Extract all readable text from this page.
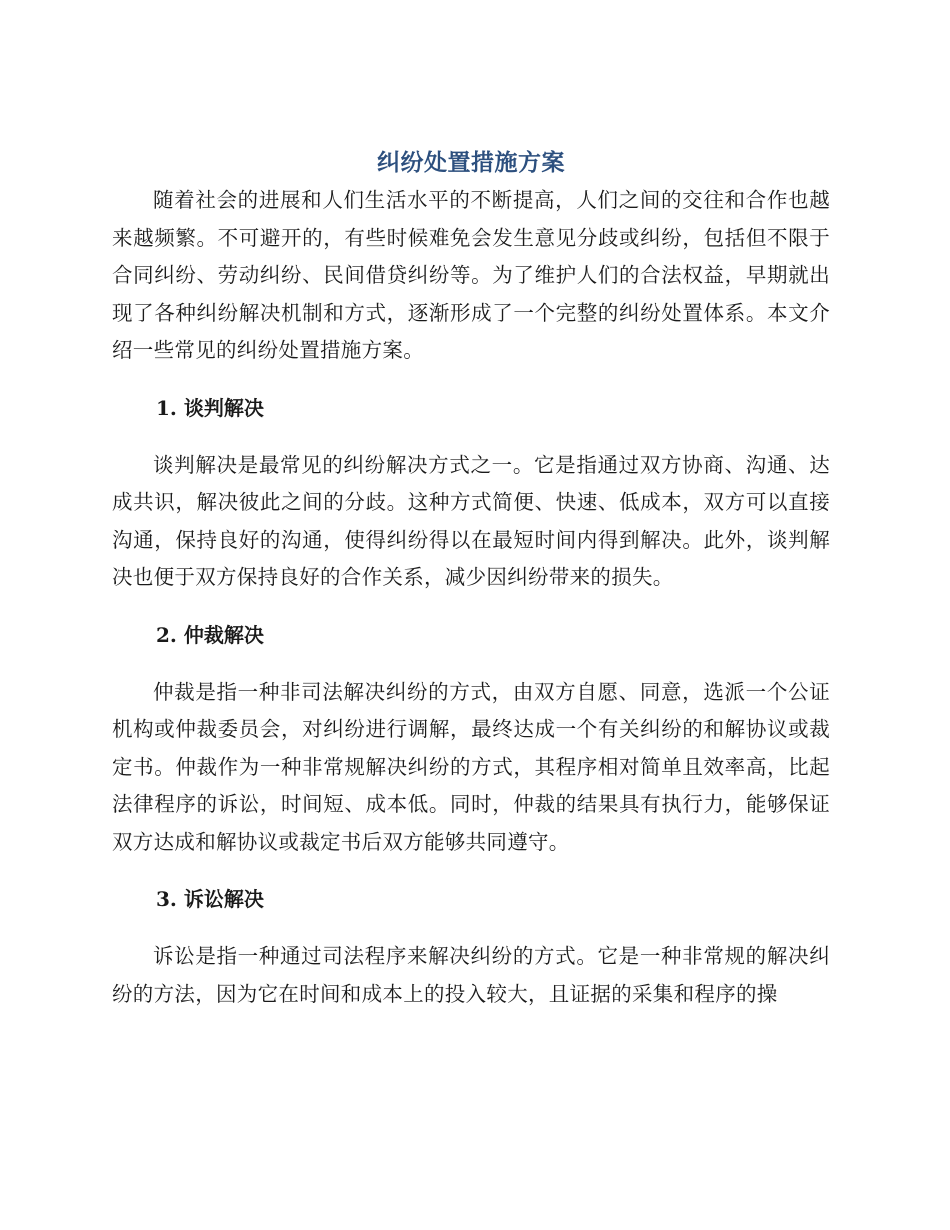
纠纷处置措施方案

随着社会的进展和人们生活水平的不断提高，人们之间的交往和合作也越来越频繁。不可避开的，有些时候难免会发生意见分歧或纠纷，包括但不限于合同纠纷、劳动纠纷、民间借贷纠纷等。为了维护人们的合法权益，早期就出现了各种纠纷解决机制和方式，逐渐形成了一个完整的纠纷处置体系。本文介绍一些常见的纠纷处置措施方案。

1. 谈判解决

谈判解决是最常见的纠纷解决方式之一。它是指通过双方协商、沟通、达成共识，解决彼此之间的分歧。这种方式简便、快速、低成本，双方可以直接沟通，保持良好的沟通，使得纠纷得以在最短时间内得到解决。此外，谈判解决也便于双方保持良好的合作关系，减少因纠纷带来的损失。

2. 仲裁解决

仲裁是指一种非司法解决纠纷的方式，由双方自愿、同意，选派一个公证机构或仲裁委员会，对纠纷进行调解，最终达成一个有关纠纷的和解协议或裁定书。仲裁作为一种非常规解决纠纷的方式，其程序相对简单且效率高，比起法律程序的诉讼，时间短、成本低。同时，仲裁的结果具有执行力，能够保证双方达成和解协议或裁定书后双方能够共同遵守。

3. 诉讼解决

诉讼是指一种通过司法程序来解决纠纷的方式。它是一种非常规的解决纠纷的方法，因为它在时间和成本上的投入较大，且证据的采集和程序的操
